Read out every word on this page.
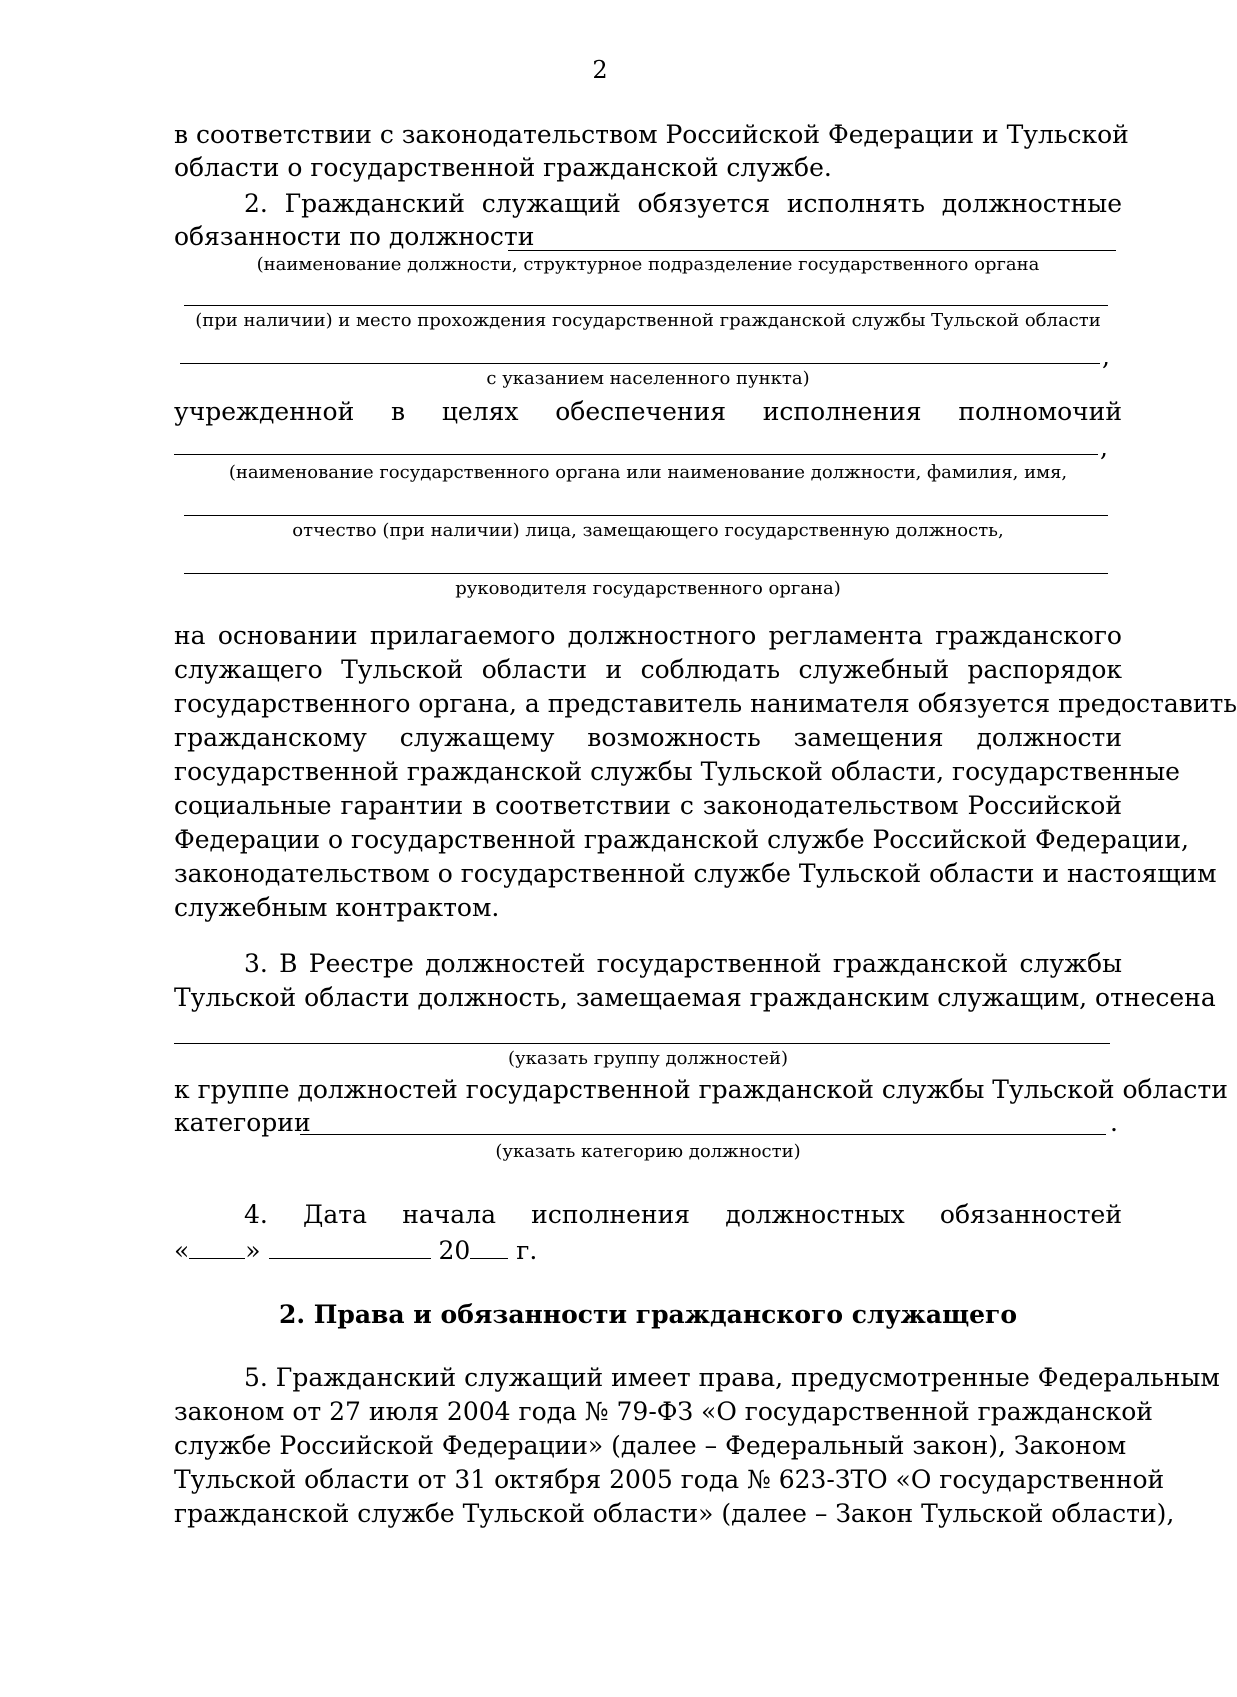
2
в соответствии с законодательством Российской Федерации и Тульской
области о государственной гражданской службе.
2. Гражданский служащий обязуется исполнять должностные
обязанности по должности
(наименование должности, структурное подразделение государственного органа
(при наличии) и место прохождения государственной гражданской службы Тульской области
,
с указанием населенного пункта)
учрежденной в целях обеспечения исполнения полномочий
,
(наименование государственного органа или наименование должности, фамилия, имя,
отчество (при наличии) лица, замещающего государственную должность,
руководителя государственного органа)
на основании прилагаемого должностного регламента гражданского
служащего Тульской области и соблюдать служебный распорядок
государственного органа, а представитель нанимателя обязуется предоставить
гражданскому служащему возможность замещения должности
государственной гражданской службы Тульской области, государственные
социальные гарантии в соответствии с законодательством Российской
Федерации о государственной гражданской службе Российской Федерации,
законодательством о государственной службе Тульской области и настоящим
служебным контрактом.
3. В Реестре должностей государственной гражданской службы
Тульской области должность, замещаемая гражданским служащим, отнесена
(указать группу должностей)
к группе должностей государственной гражданской службы Тульской области
категории	.
(указать категорию должности)
4. Дата начала исполнения должностных обязанностей
« »	20 г.
2. Права и обязанности гражданского служащего
5. Гражданский служащий имеет права, предусмотренные Федеральным
законом от 27 июля 2004 года № 79-ФЗ «О государственной гражданской
службе Российской Федерации» (далее – Федеральный закон), Законом
Тульской области от 31 октября 2005 года № 623-ЗТО «О государственной
гражданской службе Тульской области» (далее – Закон Тульской области),
